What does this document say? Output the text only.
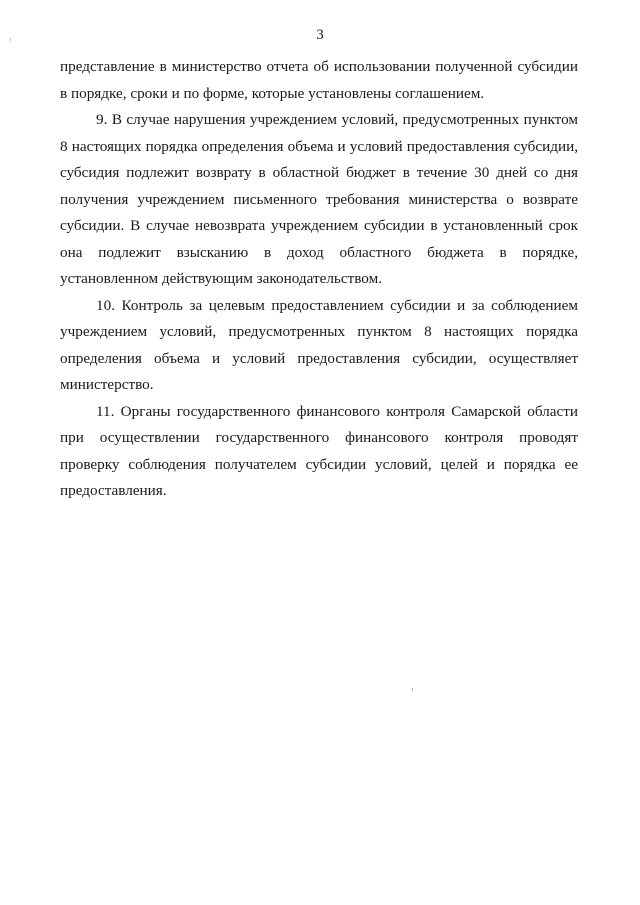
3

представление в министерство отчета об использовании полученной субсидии в порядке, сроки и по форме, которые установлены соглашением.

9. В случае нарушения учреждением условий, предусмотренных пунктом 8 настоящих порядка определения объема и условий предоставления субсидии, субсидия подлежит возврату в областной бюджет в течение 30 дней со дня получения учреждением письменного требования министерства о возврате субсидии. В случае невозврата учреждением субсидии в установленный срок она подлежит взысканию в доход областного бюджета в порядке, установленном действующим законодательством.

10. Контроль за целевым предоставлением субсидии и за соблюдением учреждением условий, предусмотренных пунктом 8 настоящих порядка определения объема и условий предоставления субсидии, осуществляет министерство.

11. Органы государственного финансового контроля Самарской области при осуществлении государственного финансового контроля проводят проверку соблюдения получателем субсидии условий, целей и порядка ее предоставления.
